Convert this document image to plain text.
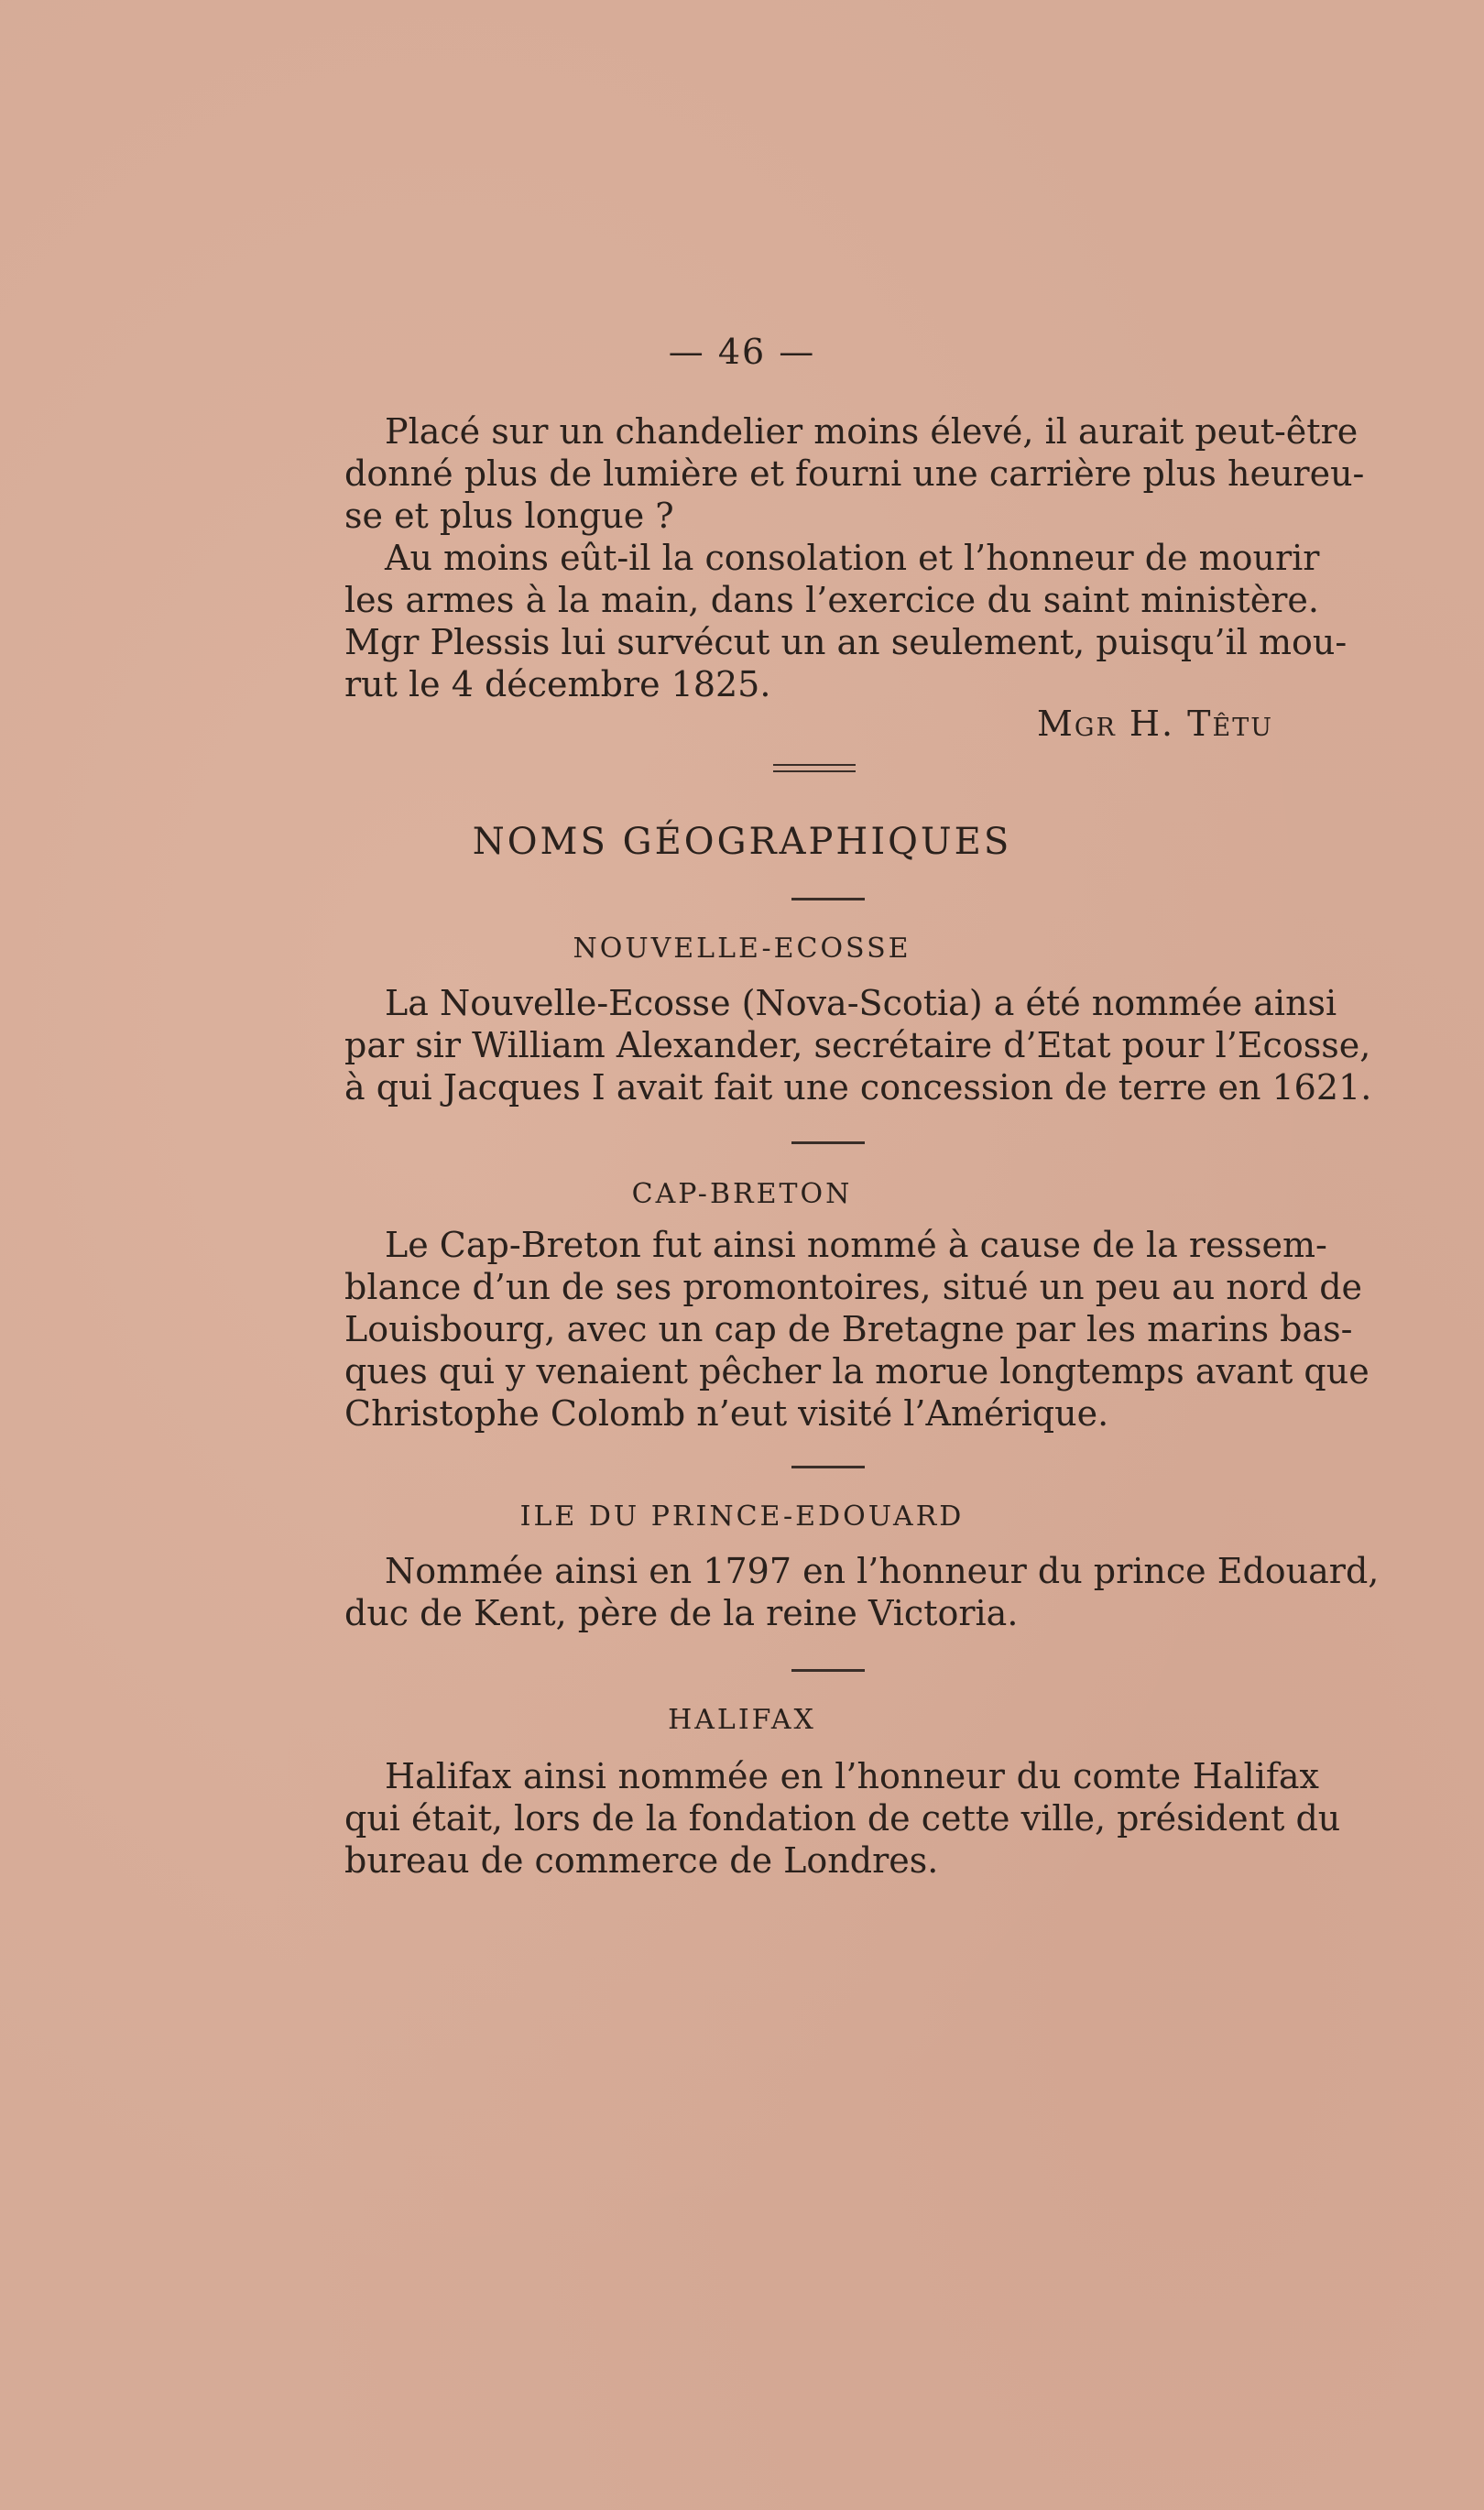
— 46 —
Placé sur un chandelier moins élevé, il aurait peut-être
donné plus de lumière et fourni une carrière plus heureu-
se et plus longue ?
Au moins eût-il la consolation et l’honneur de mourir
les armes à la main, dans l’exercice du saint ministère.
Mgr Plessis lui survécut un an seulement, puisqu’il mou-
rut le 4 décembre 1825.
Mgr H. Têtu
NOMS GÉOGRAPHIQUES
NOUVELLE-ECOSSE
La Nouvelle-Ecosse (Nova-Scotia) a été nommée ainsi
par sir William Alexander, secrétaire d’Etat pour l’Ecosse,
à qui Jacques I avait fait une concession de terre en 1621.
CAP-BRETON
Le Cap-Breton fut ainsi nommé à cause de la ressem-
blance d’un de ses promontoires, situé un peu au nord de
Louisbourg, avec un cap de Bretagne par les marins bas-
ques qui y venaient pêcher la morue longtemps avant que
Christophe Colomb n’eut visité l’Amérique.
ILE DU PRINCE-EDOUARD
Nommée ainsi en 1797 en l’honneur du prince Edouard,
duc de Kent, père de la reine Victoria.
HALIFAX
Halifax ainsi nommée en l’honneur du comte Halifax
qui était, lors de la fondation de cette ville, président du
bureau de commerce de Londres.
